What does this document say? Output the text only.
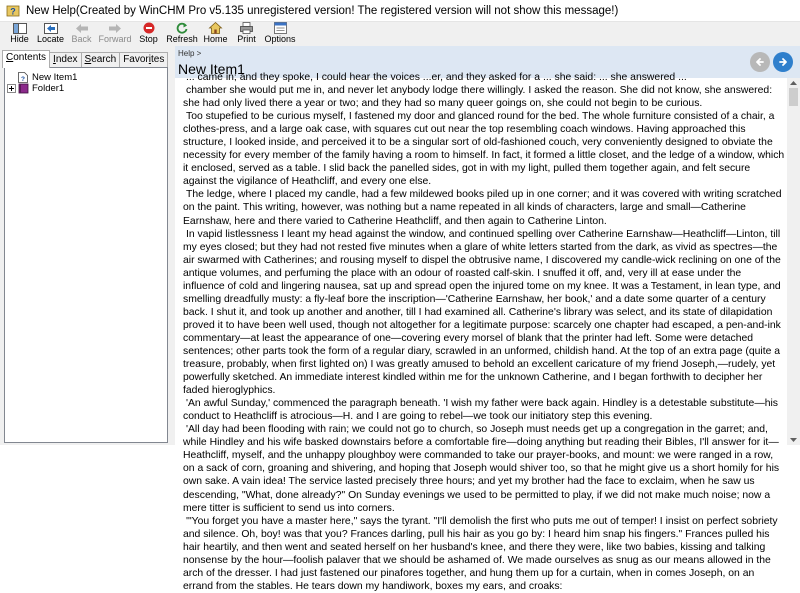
? New Help(Created by WinCHM Pro v5.135 unregistered version! The registered version will not show this message!)
Hide Locate Back Forward Stop Refresh Home Print Options
Contents Index Search Favorites
? New Item1
Folder1
Help >
New Item1

... came in; and they spoke, I could hear the voices ...er, and they asked for a ... she said: ... she answered ...

chamber she would put me in, and never let anybody lodge there willingly. I asked the reason. She did not know, she answered: she had only lived there a year or two; and they had so many queer goings on, she could not begin to be curious.

Too stupefied to be curious myself, I fastened my door and glanced round for the bed. The whole furniture consisted of a chair, a clothes-press, and a large oak case, with squares cut out near the top resembling coach windows. Having approached this structure, I looked inside, and perceived it to be a singular sort of old-fashioned couch, very conveniently designed to obviate the necessity for every member of the family having a room to himself. In fact, it formed a little closet, and the ledge of a window, which it enclosed, served as a table. I slid back the panelled sides, got in with my light, pulled them together again, and felt secure against the vigilance of Heathcliff, and every one else.

The ledge, where I placed my candle, had a few mildewed books piled up in one corner; and it was covered with writing scratched on the paint. This writing, however, was nothing but a name repeated in all kinds of characters, large and small—Catherine Earnshaw, here and there varied to Catherine Heathcliff, and then again to Catherine Linton.

In vapid listlessness I leant my head against the window, and continued spelling over Catherine Earnshaw—Heathcliff—Linton, till my eyes closed; but they had not rested five minutes when a glare of white letters started from the dark, as vivid as spectres—the air swarmed with Catherines; and rousing myself to dispel the obtrusive name, I discovered my candle-wick reclining on one of the antique volumes, and perfuming the place with an odour of roasted calf-skin. I snuffed it off, and, very ill at ease under the influence of cold and lingering nausea, sat up and spread open the injured tome on my knee. It was a Testament, in lean type, and smelling dreadfully musty: a fly-leaf bore the inscription—'Catherine Earnshaw, her book,' and a date some quarter of a century back. I shut it, and took up another and another, till I had examined all. Catherine's library was select, and its state of dilapidation proved it to have been well used, though not altogether for a legitimate purpose: scarcely one chapter had escaped, a pen-and-ink commentary—at least the appearance of one—covering every morsel of blank that the printer had left. Some were detached sentences; other parts took the form of a regular diary, scrawled in an unformed, childish hand. At the top of an extra page (quite a treasure, probably, when first lighted on) I was greatly amused to behold an excellent caricature of my friend Joseph,—rudely, yet powerfully sketched. An immediate interest kindled within me for the unknown Catherine, and I began forthwith to decipher her faded hieroglyphics.

'An awful Sunday,' commenced the paragraph beneath. 'I wish my father were back again. Hindley is a detestable substitute—his conduct to Heathcliff is atrocious—H. and I are going to rebel—we took our initiatory step this evening.

'All day had been flooding with rain; we could not go to church, so Joseph must needs get up a congregation in the garret; and, while Hindley and his wife basked downstairs before a comfortable fire—doing anything but reading their Bibles, I'll answer for it—Heathcliff, myself, and the unhappy ploughboy were commanded to take our prayer-books, and mount: we were ranged in a row, on a sack of corn, groaning and shivering, and hoping that Joseph would shiver too, so that he might give us a short homily for his own sake. A vain idea! The service lasted precisely three hours; and yet my brother had the face to exclaim, when he saw us descending, "What, done already?" On Sunday evenings we used to be permitted to play, if we did not make much noise; now a mere titter is sufficient to send us into corners.

'"You forget you have a master here," says the tyrant. "I'll demolish the first who puts me out of temper! I insist on perfect sobriety and silence. Oh, boy! was that you? Frances darling, pull his hair as you go by: I heard him snap his fingers." Frances pulled his hair heartily, and then went and seated herself on her husband's knee, and there they were, like two babies, kissing and talking nonsense by the hour—foolish palaver that we should be ashamed of. We made ourselves as snug as our means allowed in the arch of the dresser. I had just fastened our pinafores together, and hung them up for a curtain, when in comes Joseph, on an errand from the stables. He tears down my handiwork, boxes my ears, and croaks:
